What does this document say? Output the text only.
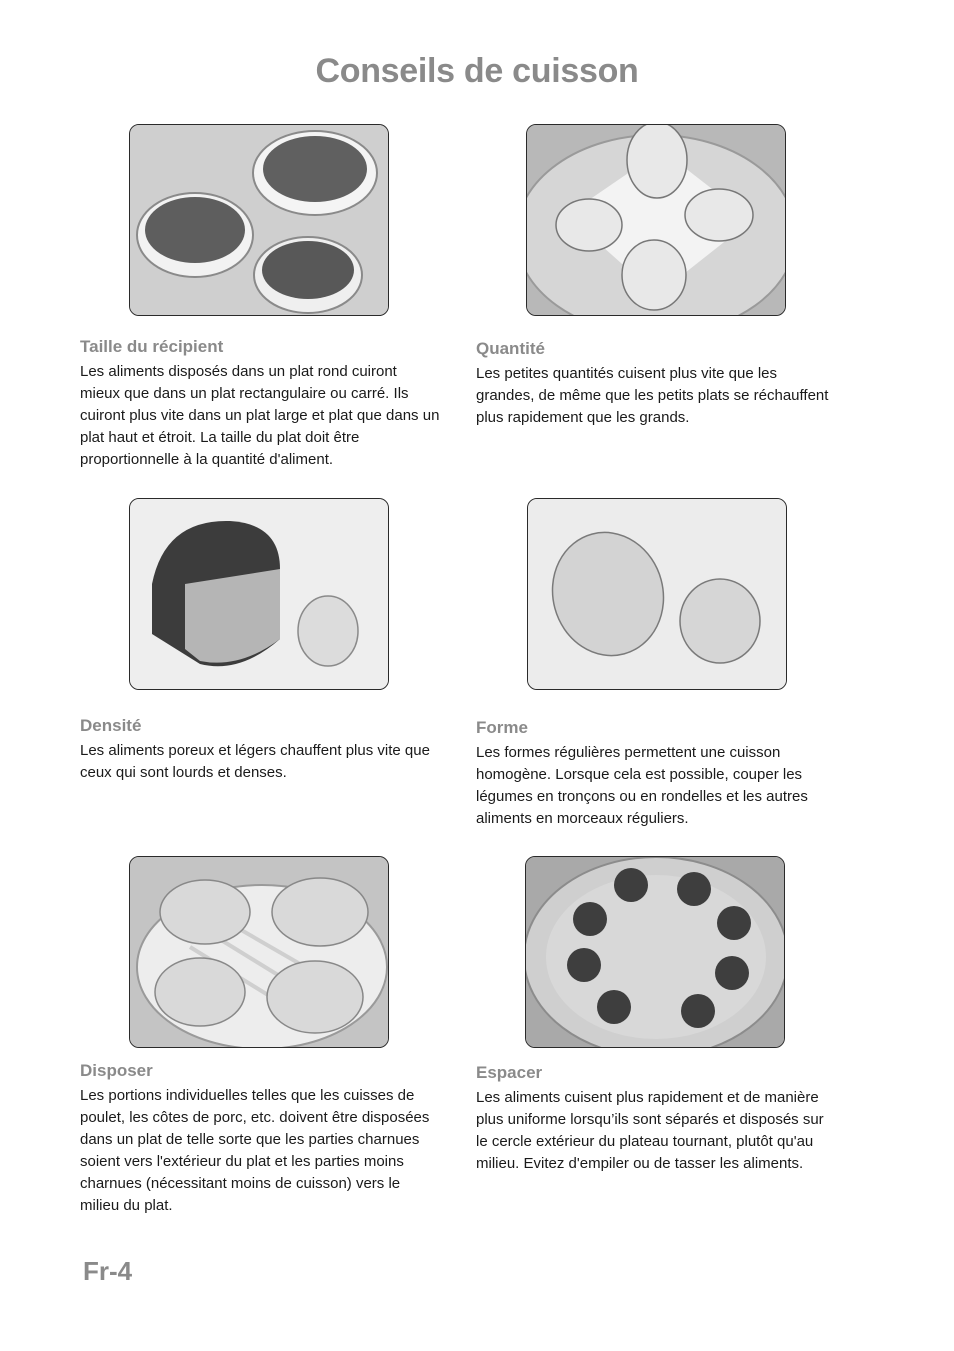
Conseils de cuisson
Taille du récipient

Les aliments disposés dans un plat rond cuiront mieux que dans un plat rectangulaire ou carré. Ils cuiront plus vite dans un plat large et plat que dans un plat haut et étroit. La taille du plat doit être proportionnelle à la quantité d'aliment.

Quantité

Les petites quantités cuisent plus vite que les grandes, de même que les petits plats se réchauffent plus rapidement que les grands.

Densité

Les aliments poreux et légers chauffent plus vite que ceux qui sont lourds et denses.

Forme

Les formes régulières permettent une cuisson homogène. Lorsque cela est possible, couper les légumes en tronçons ou en rondelles et les autres aliments en morceaux réguliers.

Disposer

Les portions individuelles telles que les cuisses de poulet, les côtes de porc, etc. doivent être disposées dans un plat de telle sorte que les parties charnues soient vers l'extérieur du plat et les parties moins charnues (nécessitant moins de cuisson) vers le milieu du plat.

Espacer

Les aliments cuisent plus rapidement et de manière plus uniforme lorsqu’ils sont séparés et disposés sur le cercle extérieur du plateau tournant, plutôt qu'au milieu. Evitez d'empiler ou de tasser les aliments.

Fr-4
